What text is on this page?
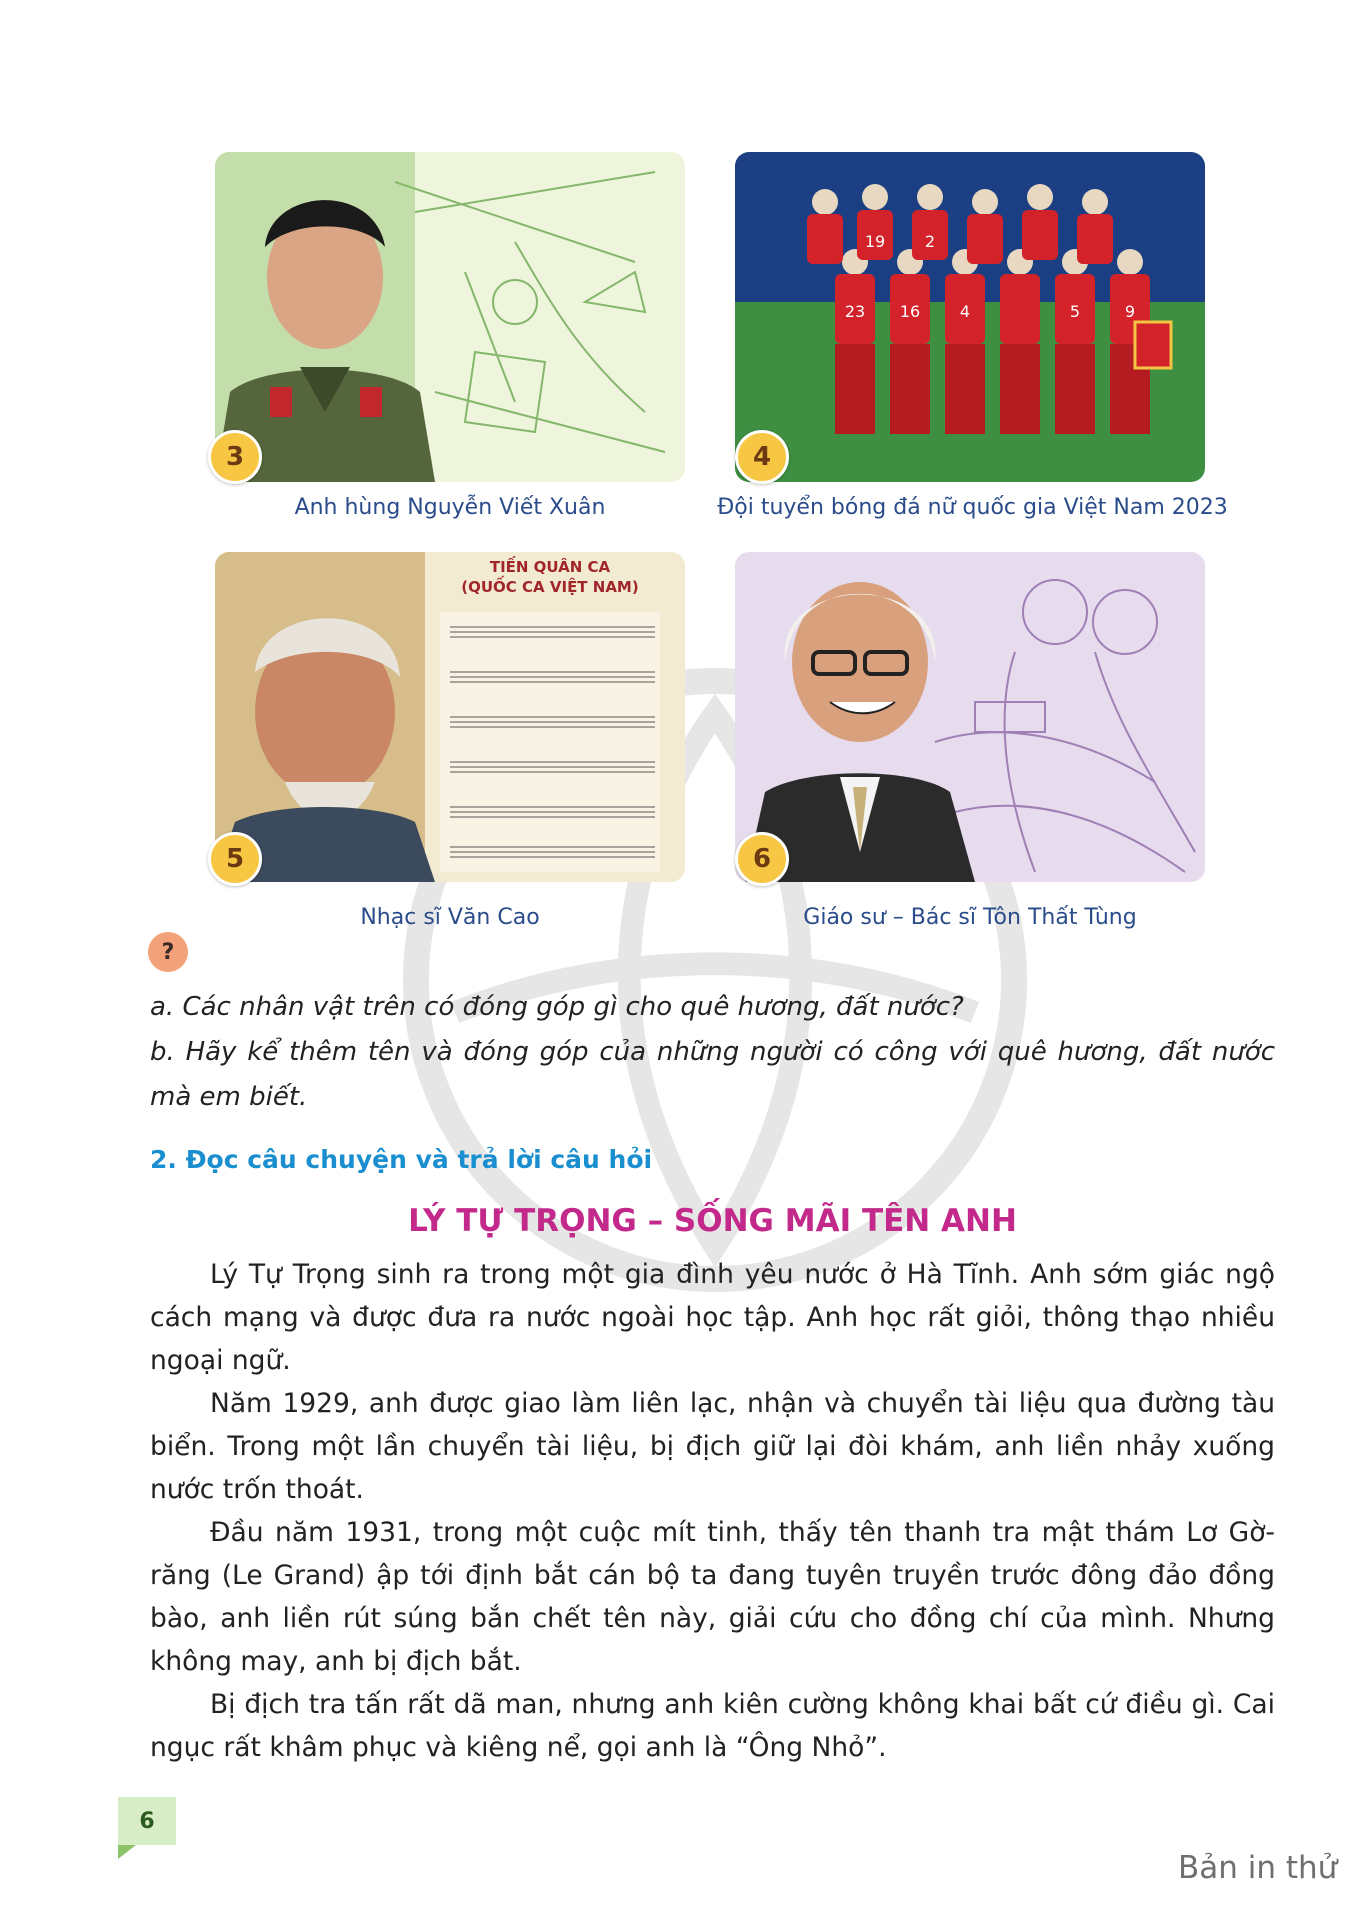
3
Anh hùng Nguyễn Viết Xuân
19 2
16 4
23	5	9
4
Đội tuyển bóng đá nữ quốc gia Việt Nam 2023
TIẾN QUÂN CA
(QUỐC CA VIỆT NAM)
5
Nhạc sĩ Văn Cao
6
Giáo sư – Bác sĩ Tôn Thất Tùng
?
a. Các nhân vật trên có đóng góp gì cho quê hương, đất nước?
b. Hãy kể thêm tên và đóng góp của những người có công với quê hương, đất nước mà em biết.
2. Đọc câu chuyện và trả lời câu hỏi
LÝ TỰ TRỌNG – SỐNG MÃI TÊN ANH

Lý Tự Trọng sinh ra trong một gia đình yêu nước ở Hà Tĩnh. Anh sớm giác ngộ cách mạng và được đưa ra nước ngoài học tập. Anh học rất giỏi, thông thạo nhiều ngoại ngữ.

Năm 1929, anh được giao làm liên lạc, nhận và chuyển tài liệu qua đường tàu biển. Trong một lần chuyển tài liệu, bị địch giữ lại đòi khám, anh liền nhảy xuống nước trốn thoát.

Đầu năm 1931, trong một cuộc mít tinh, thấy tên thanh tra mật thám Lơ Gờ-răng (Le Grand) ập tới định bắt cán bộ ta đang tuyên truyền trước đông đảo đồng bào, anh liền rút súng bắn chết tên này, giải cứu cho đồng chí của mình. Nhưng không may, anh bị địch bắt.

Bị địch tra tấn rất dã man, nhưng anh kiên cường không khai bất cứ điều gì. Cai ngục rất khâm phục và kiêng nể, gọi anh là “Ông Nhỏ”.

6
Bản in thử
